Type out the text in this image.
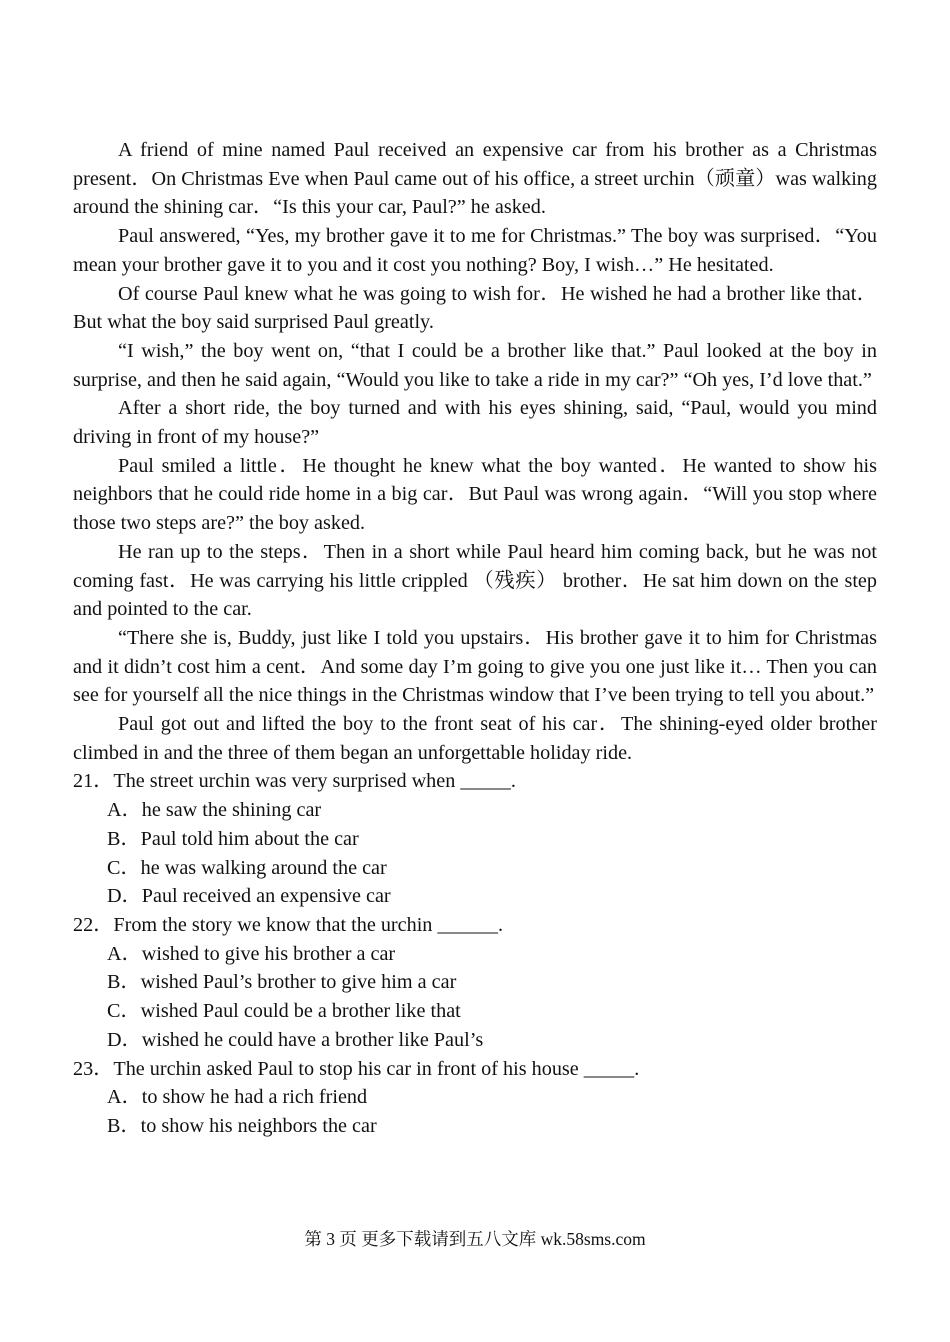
A friend of mine named Paul received an expensive car from his brother as a Christmas present．On Christmas Eve when Paul came out of his office, a street urchin（顽童）was walking around the shining car．“Is this your car, Paul?” he asked.

Paul answered, “Yes, my brother gave it to me for Christmas.” The boy was surprised．“You mean your brother gave it to you and it cost you nothing? Boy, I wish…” He hesitated.

Of course Paul knew what he was going to wish for．He wished he had a brother like that．But what the boy said surprised Paul greatly.

“I wish,” the boy went on, “that I could be a brother like that.” Paul looked at the boy in surprise, and then he said again, “Would you like to take a ride in my car?” “Oh yes, I’d love that.”

After a short ride, the boy turned and with his eyes shining, said, “Paul, would you mind driving in front of my house?”

Paul smiled a little．He thought he knew what the boy wanted．He wanted to show his neighbors that he could ride home in a big car．But Paul was wrong again．“Will you stop where those two steps are?” the boy asked.

He ran up to the steps．Then in a short while Paul heard him coming back, but he was not coming fast．He was carrying his little crippled （残疾） brother．He sat him down on the step and pointed to the car.

“There she is, Buddy, just like I told you upstairs．His brother gave it to him for Christmas and it didn’t cost him a cent．And some day I’m going to give you one just like it… Then you can see for yourself all the nice things in the Christmas window that I’ve been trying to tell you about.”

Paul got out and lifted the boy to the front seat of his car．The shining-eyed older brother climbed in and the three of them began an unforgettable holiday ride.

21．The street urchin was very surprised when _____.

A．he saw the shining car
B．Paul told him about the car
C．he was walking around the car
D．Paul received an expensive car

22．From the story we know that the urchin ______.

A．wished to give his brother a car
B．wished Paul’s brother to give him a car
C．wished Paul could be a brother like that
D．wished he could have a brother like Paul’s

23．The urchin asked Paul to stop his car in front of his house _____.

A．to show he had a rich friend
B．to show his neighbors the car
第 3 页 更多下载请到五八文库 wk.58sms.com
